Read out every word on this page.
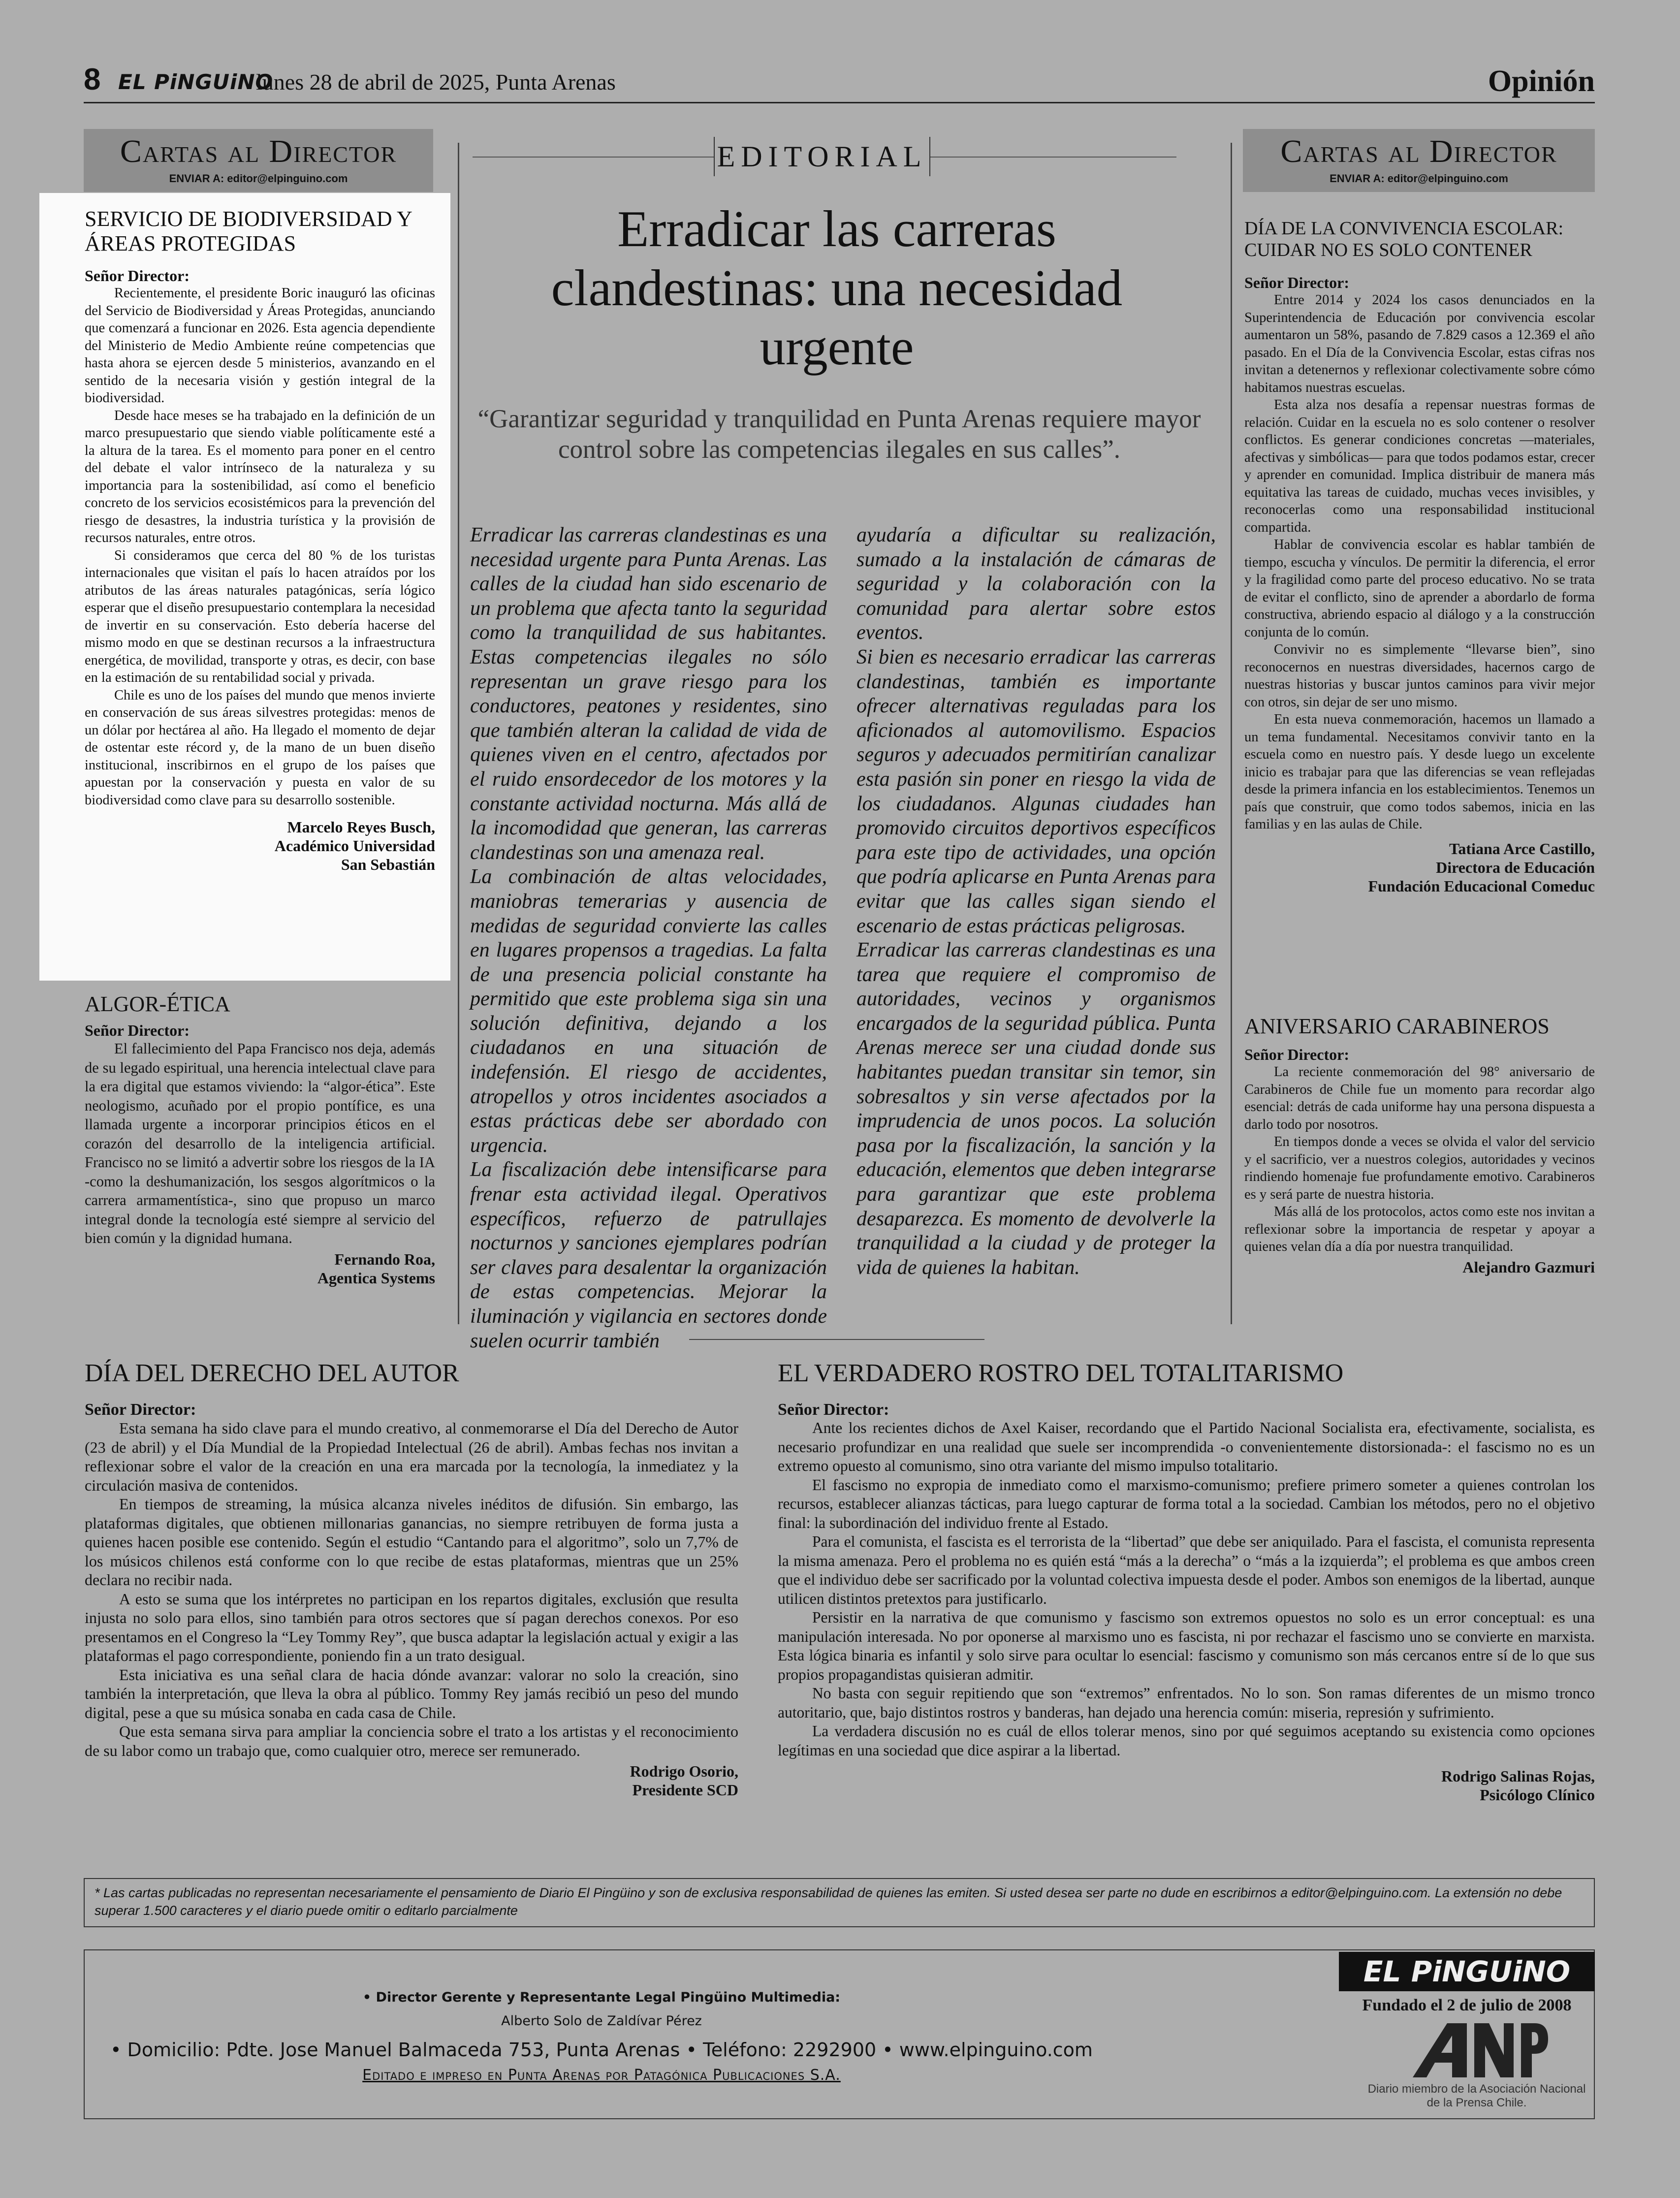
8 EL PiNGUiNO
lunes 28 de abril de 2025, Punta Arenas	Opinión
Cartas al Director
ENVIAR A: editor@elpinguino.com
SERVICIO DE BIODIVERSIDAD Y ÁREAS PROTEGIDAS
Señor Director:

Recientemente, el presidente Boric inauguró las oficinas del Servicio de Biodiversidad y Áreas Protegidas, anunciando que comenzará a funcionar en 2026. Esta agencia dependiente del Ministerio de Medio Ambiente reúne competencias que hasta ahora se ejercen desde 5 ministerios, avanzando en el sentido de la necesaria visión y gestión integral de la biodiversidad.

Desde hace meses se ha trabajado en la definición de un marco presupuestario que siendo viable políticamente esté a la altura de la tarea. Es el momento para poner en el centro del debate el valor intrínseco de la naturaleza y su importancia para la sostenibilidad, así como el beneficio concreto de los servicios ecosistémicos para la prevención del riesgo de desastres, la industria turística y la provisión de recursos naturales, entre otros.

Si consideramos que cerca del 80 % de los turistas internacionales que visitan el país lo hacen atraídos por los atributos de las áreas naturales patagónicas, sería lógico esperar que el diseño presupuestario contemplara la necesidad de invertir en su conservación. Esto debería hacerse del mismo modo en que se destinan recursos a la infraestructura energética, de movilidad, transporte y otras, es decir, con base en la estimación de su rentabilidad social y privada.

Chile es uno de los países del mundo que menos invierte en conservación de sus áreas silvestres protegidas: menos de un dólar por hectárea al año. Ha llegado el momento de dejar de ostentar este récord y, de la mano de un buen diseño institucional, inscribirnos en el grupo de los países que apuestan por la conservación y puesta en valor de su biodiversidad como clave para su desarrollo sostenible.

Marcelo Reyes Busch,
Académico Universidad
San Sebastián
ALGOR-ÉTICA
Señor Director:

El fallecimiento del Papa Francisco nos deja, además de su legado espiritual, una herencia intelectual clave para la era digital que estamos viviendo: la “algor-ética”. Este neologismo, acuñado por el propio pontífice, es una llamada urgente a incorporar principios éticos en el corazón del desarrollo de la inteligencia artificial. Francisco no se limitó a advertir sobre los riesgos de la IA -como la deshumanización, los sesgos algorítmicos o la carrera armamentística-, sino que propuso un marco integral donde la tecnología esté siempre al servicio del bien común y la dignidad humana.

Fernando Roa,
Agentica Systems
EDITORIAL
Erradicar las carreras clandestinas: una necesidad urgente
“Garantizar seguridad y tranquilidad en Punta Arenas requiere mayor control sobre las competencias ilegales en sus calles”.

Erradicar las carreras clandestinas es una necesidad urgente para Punta Arenas. Las calles de la ciudad han sido escenario de un problema que afecta tanto la seguridad como la tranquilidad de sus habitantes. Estas competencias ilegales no sólo representan un grave riesgo para los conductores, peatones y residentes, sino que también alteran la calidad de vida de quienes viven en el centro, afectados por el ruido ensordecedor de los motores y la constante actividad nocturna. Más allá de la incomodidad que generan, las carreras clandestinas son una amenaza real.

La combinación de altas velocidades, maniobras temerarias y ausencia de medidas de seguridad convierte las calles en lugares propensos a tragedias. La falta de una presencia policial constante ha permitido que este problema siga sin una solución definitiva, dejando a los ciudadanos en una situación de indefensión. El riesgo de accidentes, atropellos y otros incidentes asociados a estas prácticas debe ser abordado con urgencia.

La fiscalización debe intensificarse para frenar esta actividad ilegal. Operativos específicos, refuerzo de patrullajes nocturnos y sanciones ejemplares podrían ser claves para desalentar la organización de estas competencias. Mejorar la iluminación y vigilancia en sectores donde suelen ocurrir también

ayudaría a dificultar su realización, sumado a la instalación de cámaras de seguridad y la colaboración con la comunidad para alertar sobre estos eventos.

Si bien es necesario erradicar las carreras clandestinas, también es importante ofrecer alternativas reguladas para los aficionados al automovilismo. Espacios seguros y adecuados permitirían canalizar esta pasión sin poner en riesgo la vida de los ciudadanos. Algunas ciudades han promovido circuitos deportivos específicos para este tipo de actividades, una opción que podría aplicarse en Punta Arenas para evitar que las calles sigan siendo el escenario de estas prácticas peligrosas.

Erradicar las carreras clandestinas es una tarea que requiere el compromiso de autoridades, vecinos y organismos encargados de la seguridad pública. Punta Arenas merece ser una ciudad donde sus habitantes puedan transitar sin temor, sin sobresaltos y sin verse afectados por la imprudencia de unos pocos. La solución pasa por la fiscalización, la sanción y la educación, elementos que deben integrarse para garantizar que este problema desaparezca. Es momento de devolverle la tranquilidad a la ciudad y de proteger la vida de quienes la habitan.

Cartas al Director
ENVIAR A: editor@elpinguino.com
DÍA DE LA CONVIVENCIA ESCOLAR: CUIDAR NO ES SOLO CONTENER
Señor Director:

Entre 2014 y 2024 los casos denunciados en la Superintendencia de Educación por convivencia escolar aumentaron un 58%, pasando de 7.829 casos a 12.369 el año pasado. En el Día de la Convivencia Escolar, estas cifras nos invitan a detenernos y reflexionar colectivamente sobre cómo habitamos nuestras escuelas.

Esta alza nos desafía a repensar nuestras formas de relación. Cuidar en la escuela no es solo contener o resolver conflictos. Es generar condiciones concretas —materiales, afectivas y simbólicas— para que todos podamos estar, crecer y aprender en comunidad. Implica distribuir de manera más equitativa las tareas de cuidado, muchas veces invisibles, y reconocerlas como una responsabilidad institucional compartida.

Hablar de convivencia escolar es hablar también de tiempo, escucha y vínculos. De permitir la diferencia, el error y la fragilidad como parte del proceso educativo. No se trata de evitar el conflicto, sino de aprender a abordarlo de forma constructiva, abriendo espacio al diálogo y a la construcción conjunta de lo común.

Convivir no es simplemente “llevarse bien”, sino reconocernos en nuestras diversidades, hacernos cargo de nuestras historias y buscar juntos caminos para vivir mejor con otros, sin dejar de ser uno mismo.

En esta nueva conmemoración, hacemos un llamado a un tema fundamental. Necesitamos convivir tanto en la escuela como en nuestro país. Y desde luego un excelente inicio es trabajar para que las diferencias se vean reflejadas desde la primera infancia en los establecimientos. Tenemos un país que construir, que como todos sabemos, inicia en las familias y en las aulas de Chile.

Tatiana Arce Castillo,
Directora de Educación
Fundación Educacional Comeduc
ANIVERSARIO CARABINEROS
Señor Director:

La reciente conmemoración del 98° aniversario de Carabineros de Chile fue un momento para recordar algo esencial: detrás de cada uniforme hay una persona dispuesta a darlo todo por nosotros.

En tiempos donde a veces se olvida el valor del servicio y el sacrificio, ver a nuestros colegios, autoridades y vecinos rindiendo homenaje fue profundamente emotivo. Carabineros es y será parte de nuestra historia.

Más allá de los protocolos, actos como este nos invitan a reflexionar sobre la importancia de respetar y apoyar a quienes velan día a día por nuestra tranquilidad.

Alejandro Gazmuri
DÍA DEL DERECHO DEL AUTOR
Señor Director:

Esta semana ha sido clave para el mundo creativo, al conmemorarse el Día del Derecho de Autor (23 de abril) y el Día Mundial de la Propiedad Intelectual (26 de abril). Ambas fechas nos invitan a reflexionar sobre el valor de la creación en una era marcada por la tecnología, la inmediatez y la circulación masiva de contenidos.

En tiempos de streaming, la música alcanza niveles inéditos de difusión. Sin embargo, las plataformas digitales, que obtienen millonarias ganancias, no siempre retribuyen de forma justa a quienes hacen posible ese contenido. Según el estudio “Cantando para el algoritmo”, solo un 7,7% de los músicos chilenos está conforme con lo que recibe de estas plataformas, mientras que un 25% declara no recibir nada.

A esto se suma que los intérpretes no participan en los repartos digitales, exclusión que resulta injusta no solo para ellos, sino también para otros sectores que sí pagan derechos conexos. Por eso presentamos en el Congreso la “Ley Tommy Rey”, que busca adaptar la legislación actual y exigir a las plataformas el pago correspondiente, poniendo fin a un trato desigual.

Esta iniciativa es una señal clara de hacia dónde avanzar: valorar no solo la creación, sino también la interpretación, que lleva la obra al público. Tommy Rey jamás recibió un peso del mundo digital, pese a que su música sonaba en cada casa de Chile.

Que esta semana sirva para ampliar la conciencia sobre el trato a los artistas y el reconocimiento de su labor como un trabajo que, como cualquier otro, merece ser remunerado.

Rodrigo Osorio,
Presidente SCD
EL VERDADERO ROSTRO DEL TOTALITARISMO
Señor Director:

Ante los recientes dichos de Axel Kaiser, recordando que el Partido Nacional Socialista era, efectivamente, socialista, es necesario profundizar en una realidad que suele ser incomprendida -o convenientemente distorsionada-: el fascismo no es un extremo opuesto al comunismo, sino otra variante del mismo impulso totalitario.

El fascismo no expropia de inmediato como el marxismo-comunismo; prefiere primero someter a quienes controlan los recursos, establecer alianzas tácticas, para luego capturar de forma total a la sociedad. Cambian los métodos, pero no el objetivo final: la subordinación del individuo frente al Estado.

Para el comunista, el fascista es el terrorista de la “libertad” que debe ser aniquilado. Para el fascista, el comunista representa la misma amenaza. Pero el problema no es quién está “más a la derecha” o “más a la izquierda”; el problema es que ambos creen que el individuo debe ser sacrificado por la voluntad colectiva impuesta desde el poder. Ambos son enemigos de la libertad, aunque utilicen distintos pretextos para justificarlo.

Persistir en la narrativa de que comunismo y fascismo son extremos opuestos no solo es un error conceptual: es una manipulación interesada. No por oponerse al marxismo uno es fascista, ni por rechazar el fascismo uno se convierte en marxista. Esta lógica binaria es infantil y solo sirve para ocultar lo esencial: fascismo y comunismo son más cercanos entre sí de lo que sus propios propagandistas quisieran admitir.

No basta con seguir repitiendo que son “extremos” enfrentados. No lo son. Son ramas diferentes de un mismo tronco autoritario, que, bajo distintos rostros y banderas, han dejado una herencia común: miseria, represión y sufrimiento.

La verdadera discusión no es cuál de ellos tolerar menos, sino por qué seguimos aceptando su existencia como opciones legítimas en una sociedad que dice aspirar a la libertad.

Rodrigo Salinas Rojas,
Psicólogo Clínico
* Las cartas publicadas no representan necesariamente el pensamiento de Diario El Pingüino y son de exclusiva responsabilidad de quienes las emiten. Si usted desea ser parte no dude en escribirnos a editor@elpinguino.com. La extensión no debe superar 1.500 caracteres y el diario puede omitir o editarlo parcialmente
• Director Gerente y Representante Legal Pingüino Multimedia:
Alberto Solo de Zaldívar Pérez
• Domicilio: Pdte. Jose Manuel Balmaceda 753, Punta Arenas • Teléfono: 2292900 • www.elpinguino.com
Editado e impreso en Punta Arenas por Patagónica Publicaciones S.A.
EL PiNGUiNO
Fundado el 2 de julio de 2008
Diario miembro de la Asociación Nacional de la Prensa Chile.
